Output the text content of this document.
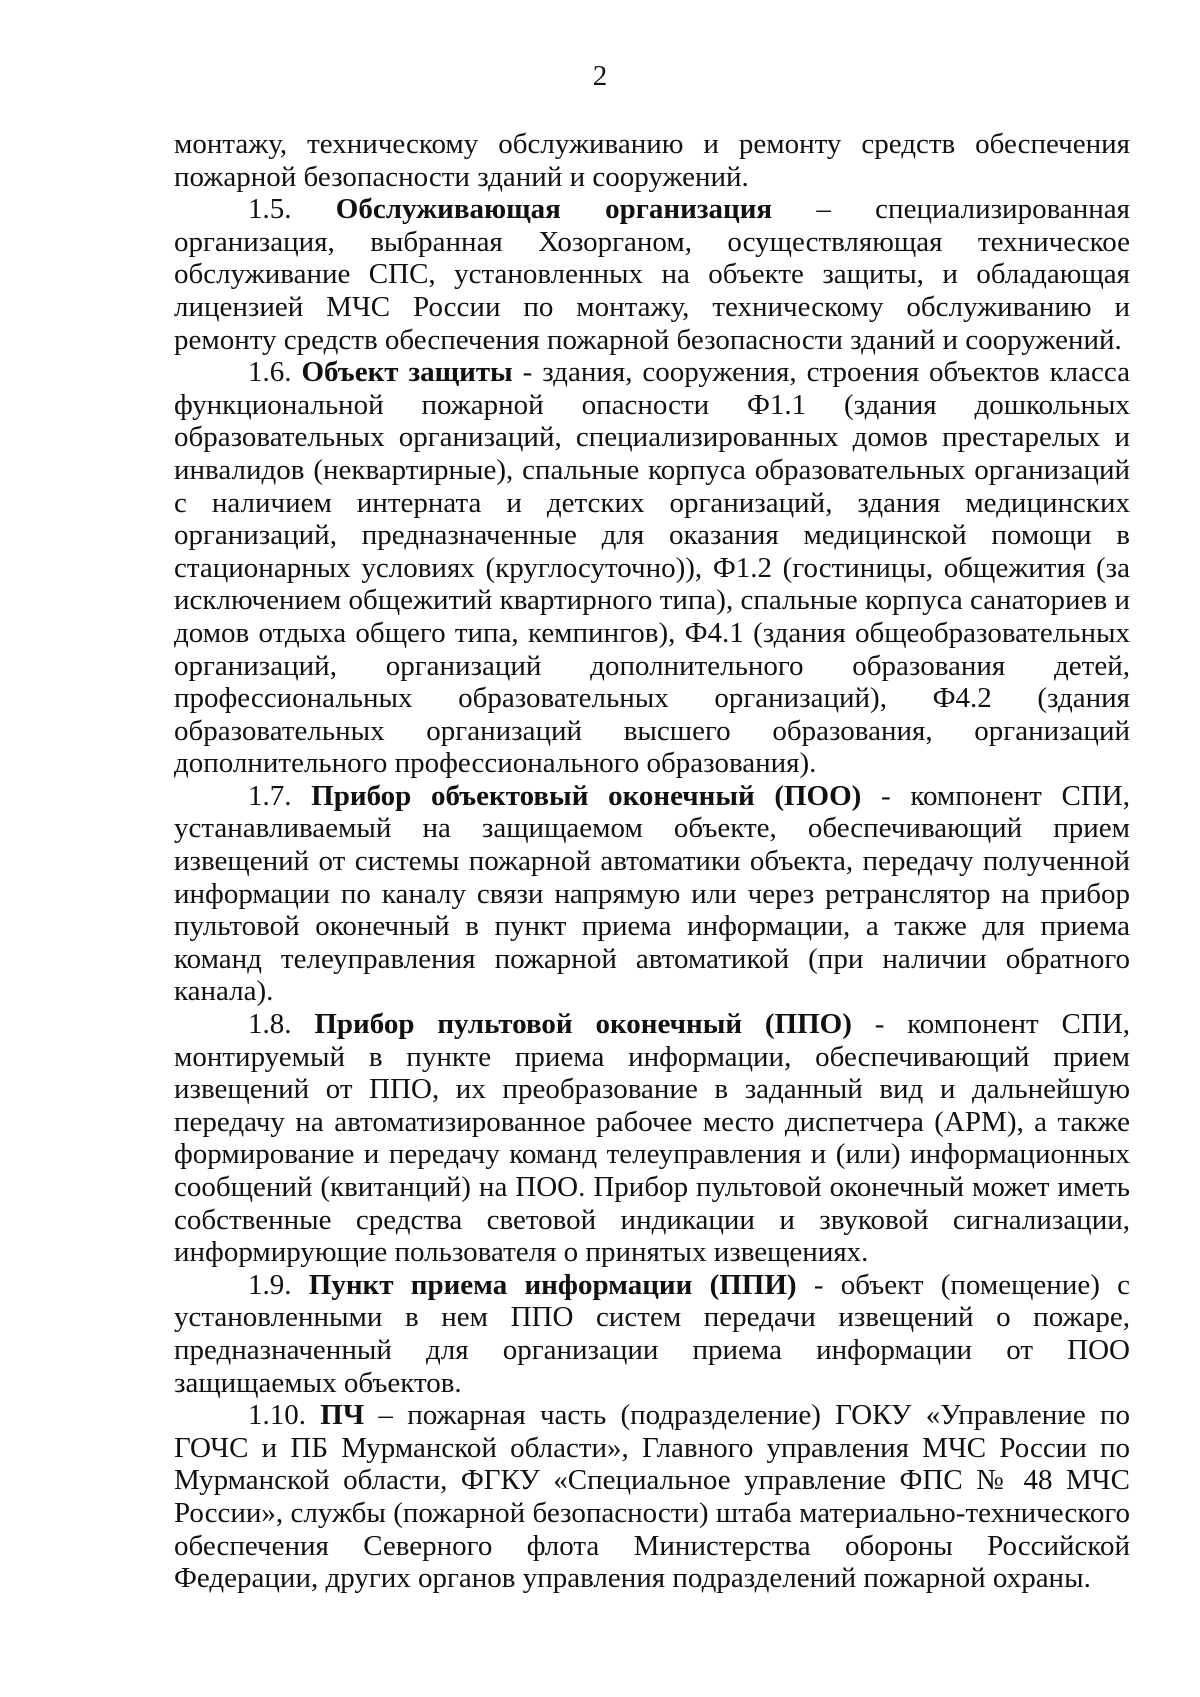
2

монтажу, техническому обслуживанию и ремонту средств обеспечения пожарной безопасности зданий и сооружений.

1.5. Обслуживающая организация – специализированная организация, выбранная Хозорганом, осуществляющая техническое обслуживание СПС, установленных на объекте защиты, и обладающая лицензией МЧС России по монтажу, техническому обслуживанию и ремонту средств обеспечения пожарной безопасности зданий и сооружений.

1.6. Объект защиты - здания, сооружения, строения объектов класса функциональной пожарной опасности Ф1.1 (здания дошкольных образовательных организаций, специализированных домов престарелых и инвалидов (неквартирные), спальные корпуса образовательных организаций с наличием интерната и детских организаций, здания медицинских организаций, предназначенные для оказания медицинской помощи в стационарных условиях (круглосуточно)), Ф1.2 (гостиницы, общежития (за исключением общежитий квартирного типа), спальные корпуса санаториев и домов отдыха общего типа, кемпингов), Ф4.1 (здания общеобразовательных организаций, организаций дополнительного образования детей, профессиональных образовательных организаций), Ф4.2 (здания образовательных организаций высшего образования, организаций дополнительного профессионального образования).

1.7. Прибор объектовый оконечный (ПОО) - компонент СПИ, устанавливаемый на защищаемом объекте, обеспечивающий прием извещений от системы пожарной автоматики объекта, передачу полученной информации по каналу связи напрямую или через ретранслятор на прибор пультовой оконечный в пункт приема информации, а также для приема команд телеуправления пожарной автоматикой (при наличии обратного канала).

1.8. Прибор пультовой оконечный (ППО) - компонент СПИ, монтируемый в пункте приема информации, обеспечивающий прием извещений от ППО, их преобразование в заданный вид и дальнейшую передачу на автоматизированное рабочее место диспетчера (АРМ), а также формирование и передачу команд телеуправления и (или) информационных сообщений (квитанций) на ПОО. Прибор пультовой оконечный может иметь собственные средства световой индикации и звуковой сигнализации, информирующие пользователя о принятых извещениях.

1.9. Пункт приема информации (ППИ) - объект (помещение) с установленными в нем ППО систем передачи извещений о пожаре, предназначенный для организации приема информации от ПОО защищаемых объектов.

1.10. ПЧ – пожарная часть (подразделение) ГОКУ «Управление по ГОЧС и ПБ Мурманской области», Главного управления МЧС России по Мурманской области, ФГКУ «Специальное управление ФПС № 48 МЧС России», службы (пожарной безопасности) штаба материально-технического обеспечения Северного флота Министерства обороны Российской Федерации, других органов управления подразделений пожарной охраны.
